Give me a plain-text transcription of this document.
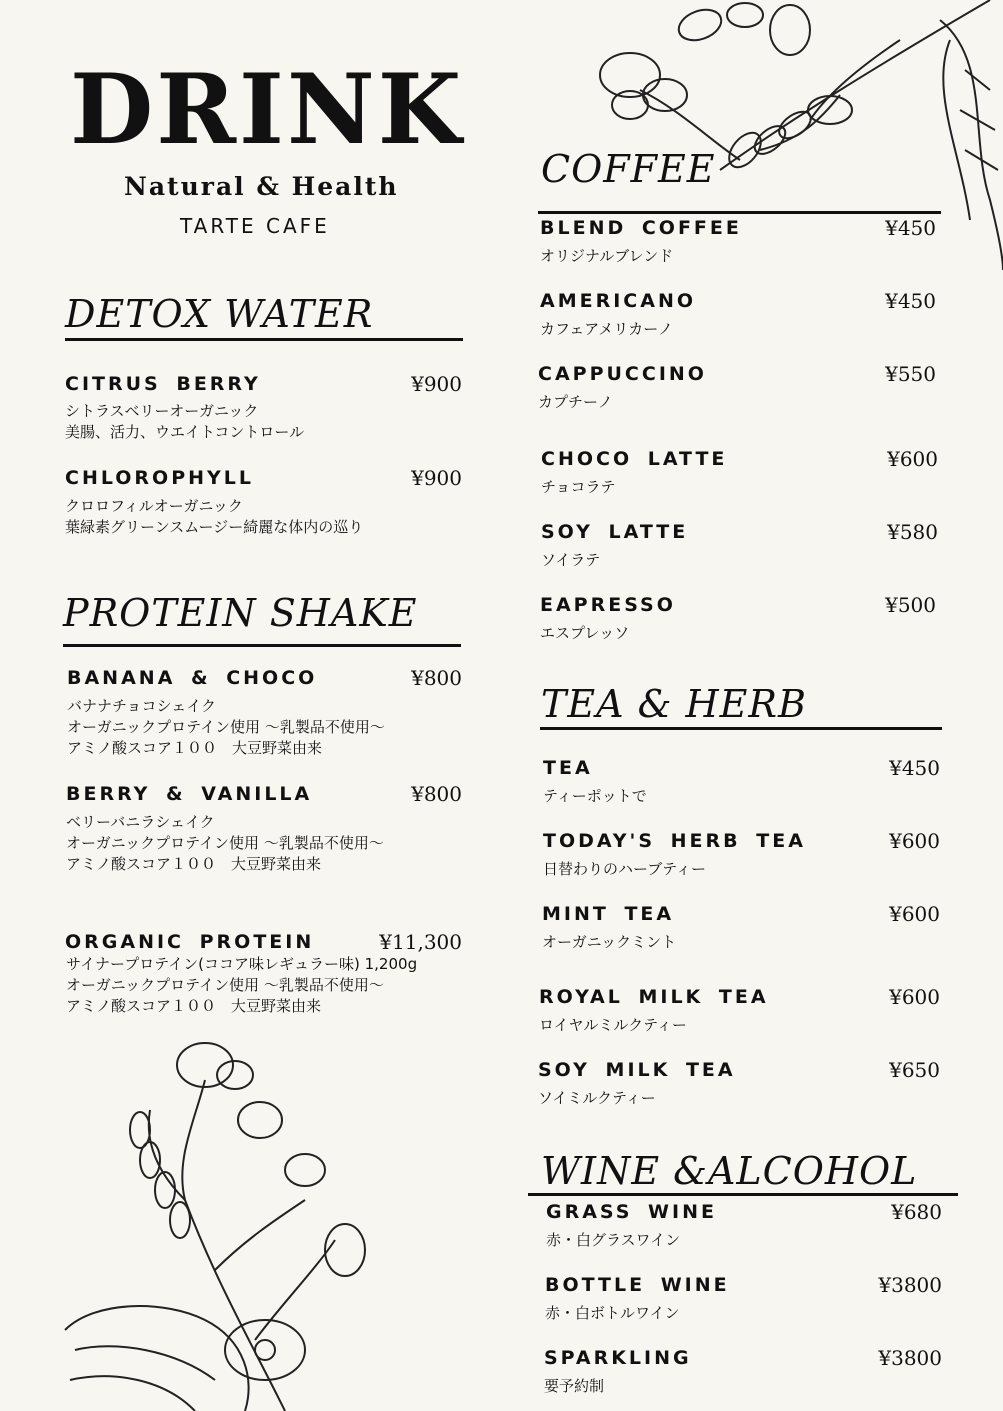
DRINK
Natural & Health
TARTE CAFE
DETOX WATER
CITRUS BERRY	¥900
シトラスベリーオーガニック
美腸、活力、ウエイトコントロール
CHLOROPHYLL	¥900
クロロフィルオーガニック
葉緑素グリーンスムージー綺麗な体内の巡り
PROTEIN SHAKE
BANANA & CHOCO	¥800
バナナチョコシェイク
オーガニックプロテイン使用 〜乳製品不使用〜
アミノ酸スコア１００　大豆野菜由来
BERRY & VANILLA	¥800
ベリーバニラシェイク
オーガニックプロテイン使用 〜乳製品不使用〜
アミノ酸スコア１００　大豆野菜由来
ORGANIC PROTEIN	¥11,300
サイナープロテイン(ココア味レギュラー味) 1,200g
オーガニックプロテイン使用 〜乳製品不使用〜
アミノ酸スコア１００　大豆野菜由来
COFFEE
BLEND COFFEE	¥450
オリジナルブレンド
AMERICANO	¥450
カフェアメリカーノ
CAPPUCCINO	¥550
カプチーノ
CHOCO LATTE	¥600
チョコラテ
SOY LATTE	¥580
ソイラテ
EAPRESSO	¥500
エスプレッソ
TEA & HERB
TEA	¥450
ティーポットで
TODAY'S HERB TEA	¥600
日替わりのハーブティー
MINT TEA	¥600
オーガニックミント
ROYAL MILK TEA	¥600
ロイヤルミルクティー
SOY MILK TEA	¥650
ソイミルクティー
WINE &ALCOHOL
GRASS WINE	¥680
赤・白グラスワイン
BOTTLE WINE	¥3800
赤・白ボトルワイン
SPARKLING	¥3800
要予約制
